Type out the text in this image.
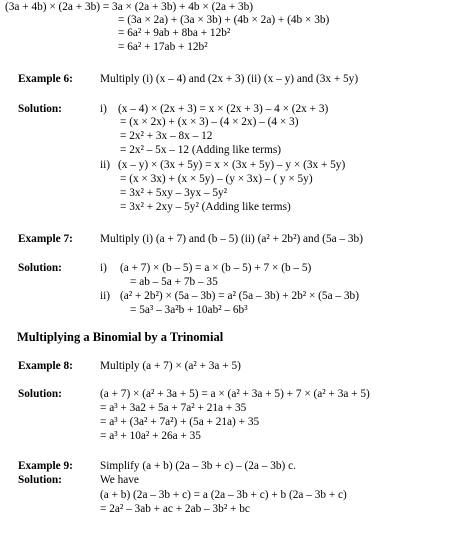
(3a + 4b) × (2a + 3b) = 3a × (2a + 3b) + 4b × (2a + 3b)
= (3a × 2a) + (3a × 3b) + (4b × 2a) + (4b × 3b)
= 6a² + 9ab + 8ba + 12b²
= 6a² + 17ab + 12b²
Example 6: Multiply (i) (x – 4) and (2x + 3) (ii) (x – y) and (3x + 5y)
Solution:	i) (x – 4) × (2x + 3) = x × (2x + 3) – 4 × (2x + 3)
= (x × 2x) + (x × 3) – (4 × 2x) – (4 × 3)
= 2x² + 3x – 8x – 12
= 2x² – 5x – 12 (Adding like terms)
ii) (x – y) × (3x + 5y) = x × (3x + 5y) – y × (3x + 5y)
= (x × 3x) + (x × 5y) – (y × 3x) – ( y × 5y)
= 3x² + 5xy – 3yx – 5y²
= 3x² + 2xy – 5y² (Adding like terms)
Example 7: Multiply (i) (a + 7) and (b – 5) (ii) (a² + 2b²) and (5a – 3b)
Solution:	i) (a + 7) × (b – 5) = a × (b – 5) + 7 × (b – 5)
= ab – 5a + 7b – 35
ii) (a² + 2b²) × (5a – 3b) = a² (5a – 3b) + 2b² × (5a – 3b)
= 5a³ – 3a²b + 10ab² – 6b³
Multiplying a Binomial by a Trinomial
Example 8: Multiply (a + 7) × (a² + 3a + 5)
Solution:	(a + 7) × (a² + 3a + 5) = a × (a² + 3a + 5) + 7 × (a² + 3a + 5)
= a³ + 3a2 + 5a + 7a² + 21a + 35
= a³ + (3a² + 7a²) + (5a + 21a) + 35
= a³ + 10a² + 26a + 35
Example 9: Simplify (a + b) (2a – 3b + c) – (2a – 3b) c.
Solution:	We have
(a + b) (2a – 3b + c) = a (2a – 3b + c) + b (2a – 3b + c)
= 2a² – 3ab + ac + 2ab – 3b² + bc
